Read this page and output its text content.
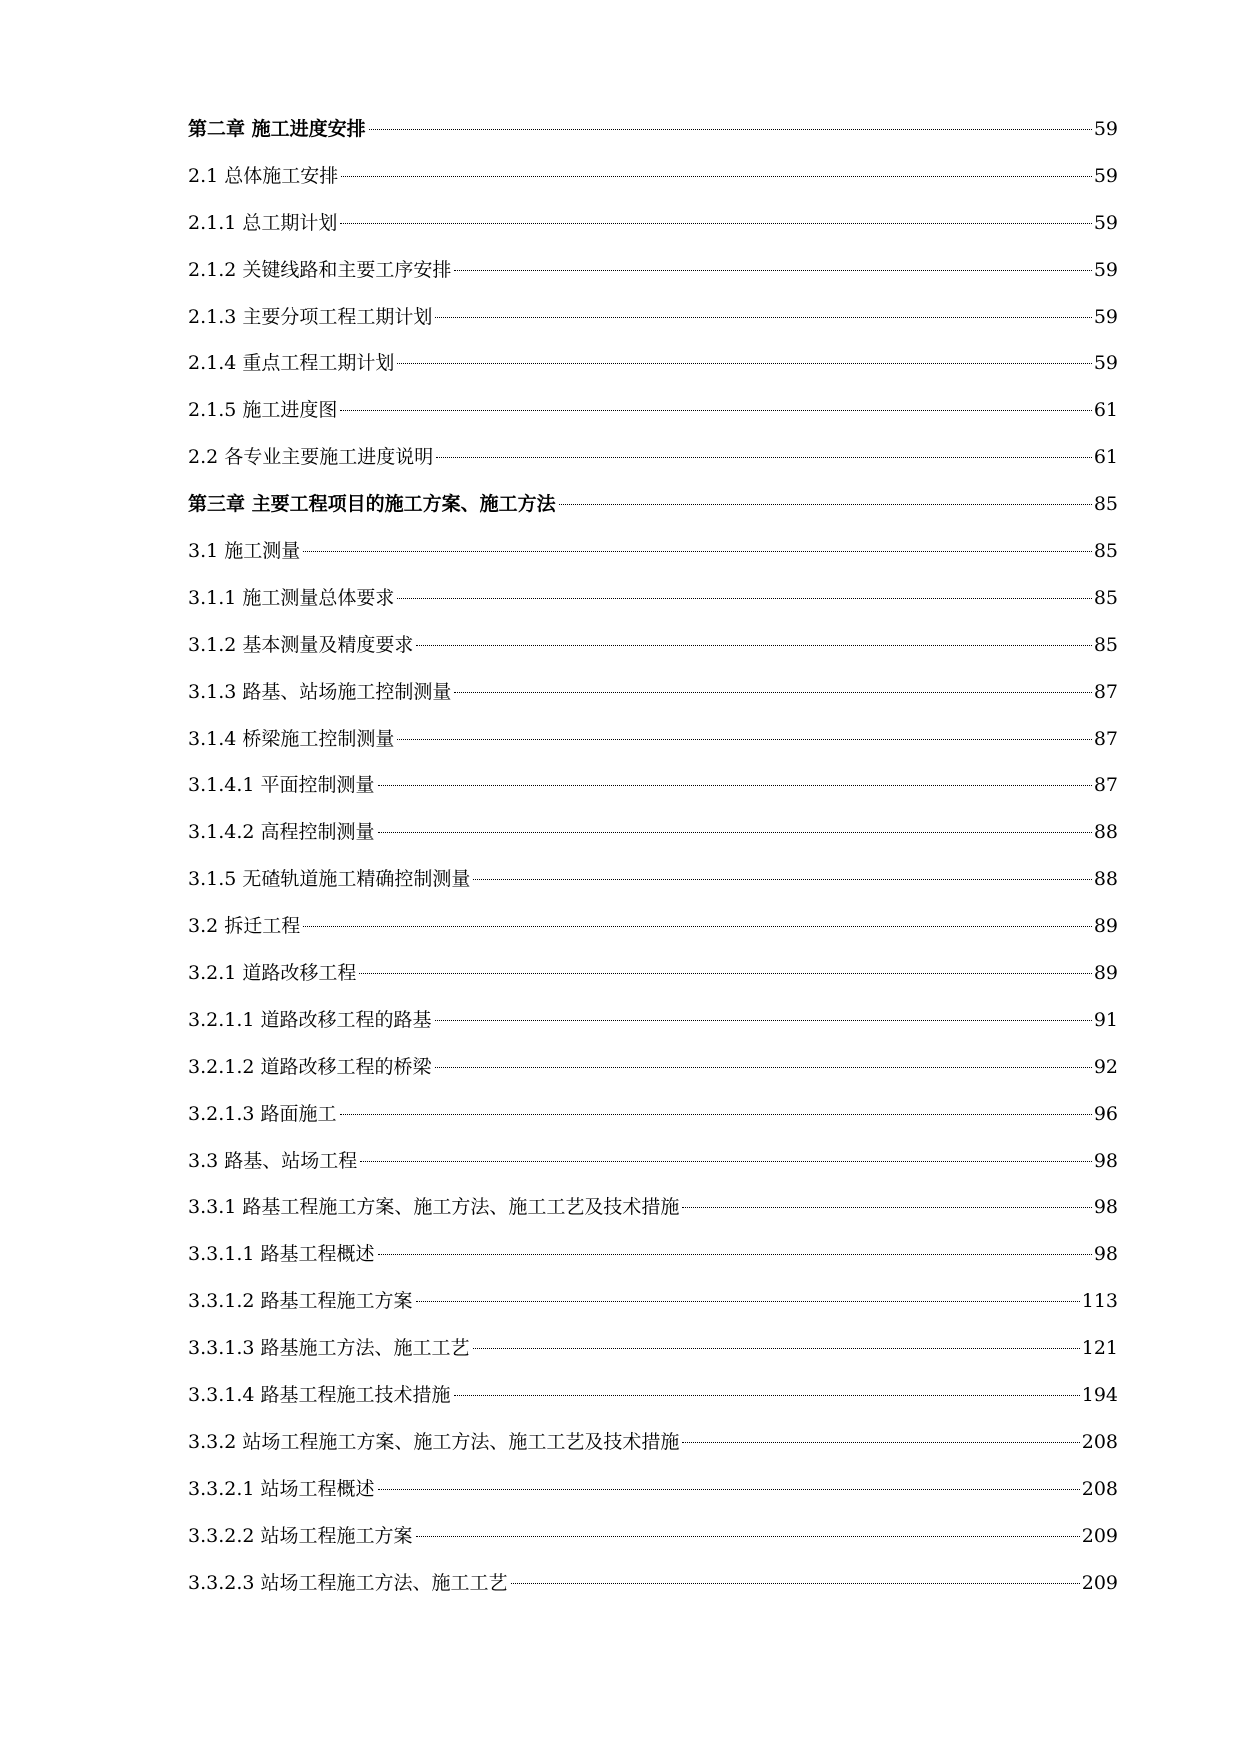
第二章 施工进度安排	59
2.1 总体施工安排	59
2.1.1 总工期计划	59
2.1.2 关键线路和主要工序安排	59
2.1.3 主要分项工程工期计划	59
2.1.4 重点工程工期计划	59
2.1.5 施工进度图	61
2.2 各专业主要施工进度说明	61
第三章 主要工程项目的施工方案、施工方法	85
3.1 施工测量	85
3.1.1 施工测量总体要求	85
3.1.2 基本测量及精度要求	85
3.1.3 路基、站场施工控制测量	87
3.1.4 桥梁施工控制测量	87
3.1.4.1 平面控制测量	87
3.1.4.2 高程控制测量	88
3.1.5 无碴轨道施工精确控制测量	88
3.2 拆迁工程	89
3.2.1 道路改移工程	89
3.2.1.1 道路改移工程的路基	91
3.2.1.2 道路改移工程的桥梁	92
3.2.1.3 路面施工	96
3.3 路基、站场工程	98
3.3.1 路基工程施工方案、施工方法、施工工艺及技术措施	98
3.3.1.1 路基工程概述	98
3.3.1.2 路基工程施工方案	113
3.3.1.3 路基施工方法、施工工艺	121
3.3.1.4 路基工程施工技术措施	194
3.3.2 站场工程施工方案、施工方法、施工工艺及技术措施	208
3.3.2.1 站场工程概述	208
3.3.2.2 站场工程施工方案	209
3.3.2.3 站场工程施工方法、施工工艺	209
